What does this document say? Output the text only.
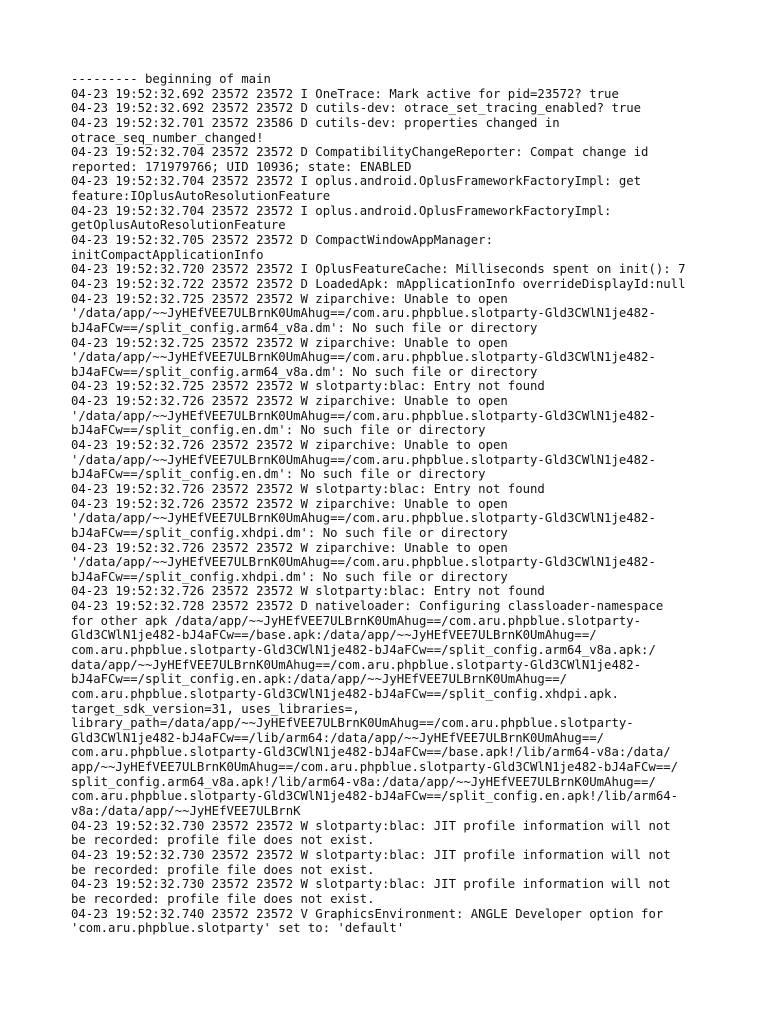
--------- beginning of main

04-23 19:52:32.692 23572 23572 I OneTrace: Mark active for pid=23572? true

04-23 19:52:32.692 23572 23572 D cutils-dev: otrace_set_tracing_enabled? true

04-23 19:52:32.701 23572 23586 D cutils-dev: properties changed in

otrace_seq_number_changed!

04-23 19:52:32.704 23572 23572 D CompatibilityChangeReporter: Compat change id

reported: 171979766; UID 10936; state: ENABLED

04-23 19:52:32.704 23572 23572 I oplus.android.OplusFrameworkFactoryImpl: get

feature:IOplusAutoResolutionFeature

04-23 19:52:32.704 23572 23572 I oplus.android.OplusFrameworkFactoryImpl:

getOplusAutoResolutionFeature

04-23 19:52:32.705 23572 23572 D CompactWindowAppManager:

initCompactApplicationInfo

04-23 19:52:32.720 23572 23572 I OplusFeatureCache: Milliseconds spent on init(): 7

04-23 19:52:32.722 23572 23572 D LoadedApk: mApplicationInfo overrideDisplayId:null

04-23 19:52:32.725 23572 23572 W ziparchive: Unable to open

'/data/app/~~JyHEfVEE7ULBrnK0UmAhug==/com.aru.phpblue.slotparty-Gld3CWlN1je482-

bJ4aFCw==/split_config.arm64_v8a.dm': No such file or directory

04-23 19:52:32.725 23572 23572 W ziparchive: Unable to open

'/data/app/~~JyHEfVEE7ULBrnK0UmAhug==/com.aru.phpblue.slotparty-Gld3CWlN1je482-

bJ4aFCw==/split_config.arm64_v8a.dm': No such file or directory

04-23 19:52:32.725 23572 23572 W slotparty:blac: Entry not found

04-23 19:52:32.726 23572 23572 W ziparchive: Unable to open

'/data/app/~~JyHEfVEE7ULBrnK0UmAhug==/com.aru.phpblue.slotparty-Gld3CWlN1je482-

bJ4aFCw==/split_config.en.dm': No such file or directory

04-23 19:52:32.726 23572 23572 W ziparchive: Unable to open

'/data/app/~~JyHEfVEE7ULBrnK0UmAhug==/com.aru.phpblue.slotparty-Gld3CWlN1je482-

bJ4aFCw==/split_config.en.dm': No such file or directory

04-23 19:52:32.726 23572 23572 W slotparty:blac: Entry not found

04-23 19:52:32.726 23572 23572 W ziparchive: Unable to open

'/data/app/~~JyHEfVEE7ULBrnK0UmAhug==/com.aru.phpblue.slotparty-Gld3CWlN1je482-

bJ4aFCw==/split_config.xhdpi.dm': No such file or directory

04-23 19:52:32.726 23572 23572 W ziparchive: Unable to open

'/data/app/~~JyHEfVEE7ULBrnK0UmAhug==/com.aru.phpblue.slotparty-Gld3CWlN1je482-

bJ4aFCw==/split_config.xhdpi.dm': No such file or directory

04-23 19:52:32.726 23572 23572 W slotparty:blac: Entry not found

04-23 19:52:32.728 23572 23572 D nativeloader: Configuring classloader-namespace

for other apk /data/app/~~JyHEfVEE7ULBrnK0UmAhug==/com.aru.phpblue.slotparty-

Gld3CWlN1je482-bJ4aFCw==/base.apk:/data/app/~~JyHEfVEE7ULBrnK0UmAhug==/

com.aru.phpblue.slotparty-Gld3CWlN1je482-bJ4aFCw==/split_config.arm64_v8a.apk:/

data/app/~~JyHEfVEE7ULBrnK0UmAhug==/com.aru.phpblue.slotparty-Gld3CWlN1je482-

bJ4aFCw==/split_config.en.apk:/data/app/~~JyHEfVEE7ULBrnK0UmAhug==/

com.aru.phpblue.slotparty-Gld3CWlN1je482-bJ4aFCw==/split_config.xhdpi.apk.

target_sdk_version=31, uses_libraries=,

library_path=/data/app/~~JyHEfVEE7ULBrnK0UmAhug==/com.aru.phpblue.slotparty-

Gld3CWlN1je482-bJ4aFCw==/lib/arm64:/data/app/~~JyHEfVEE7ULBrnK0UmAhug==/

com.aru.phpblue.slotparty-Gld3CWlN1je482-bJ4aFCw==/base.apk!/lib/arm64-v8a:/data/

app/~~JyHEfVEE7ULBrnK0UmAhug==/com.aru.phpblue.slotparty-Gld3CWlN1je482-bJ4aFCw==/

split_config.arm64_v8a.apk!/lib/arm64-v8a:/data/app/~~JyHEfVEE7ULBrnK0UmAhug==/

com.aru.phpblue.slotparty-Gld3CWlN1je482-bJ4aFCw==/split_config.en.apk!/lib/arm64-

v8a:/data/app/~~JyHEfVEE7ULBrnK

04-23 19:52:32.730 23572 23572 W slotparty:blac: JIT profile information will not

be recorded: profile file does not exist.

04-23 19:52:32.730 23572 23572 W slotparty:blac: JIT profile information will not

be recorded: profile file does not exist.

04-23 19:52:32.730 23572 23572 W slotparty:blac: JIT profile information will not

be recorded: profile file does not exist.

04-23 19:52:32.740 23572 23572 V GraphicsEnvironment: ANGLE Developer option for

'com.aru.phpblue.slotparty' set to: 'default'
